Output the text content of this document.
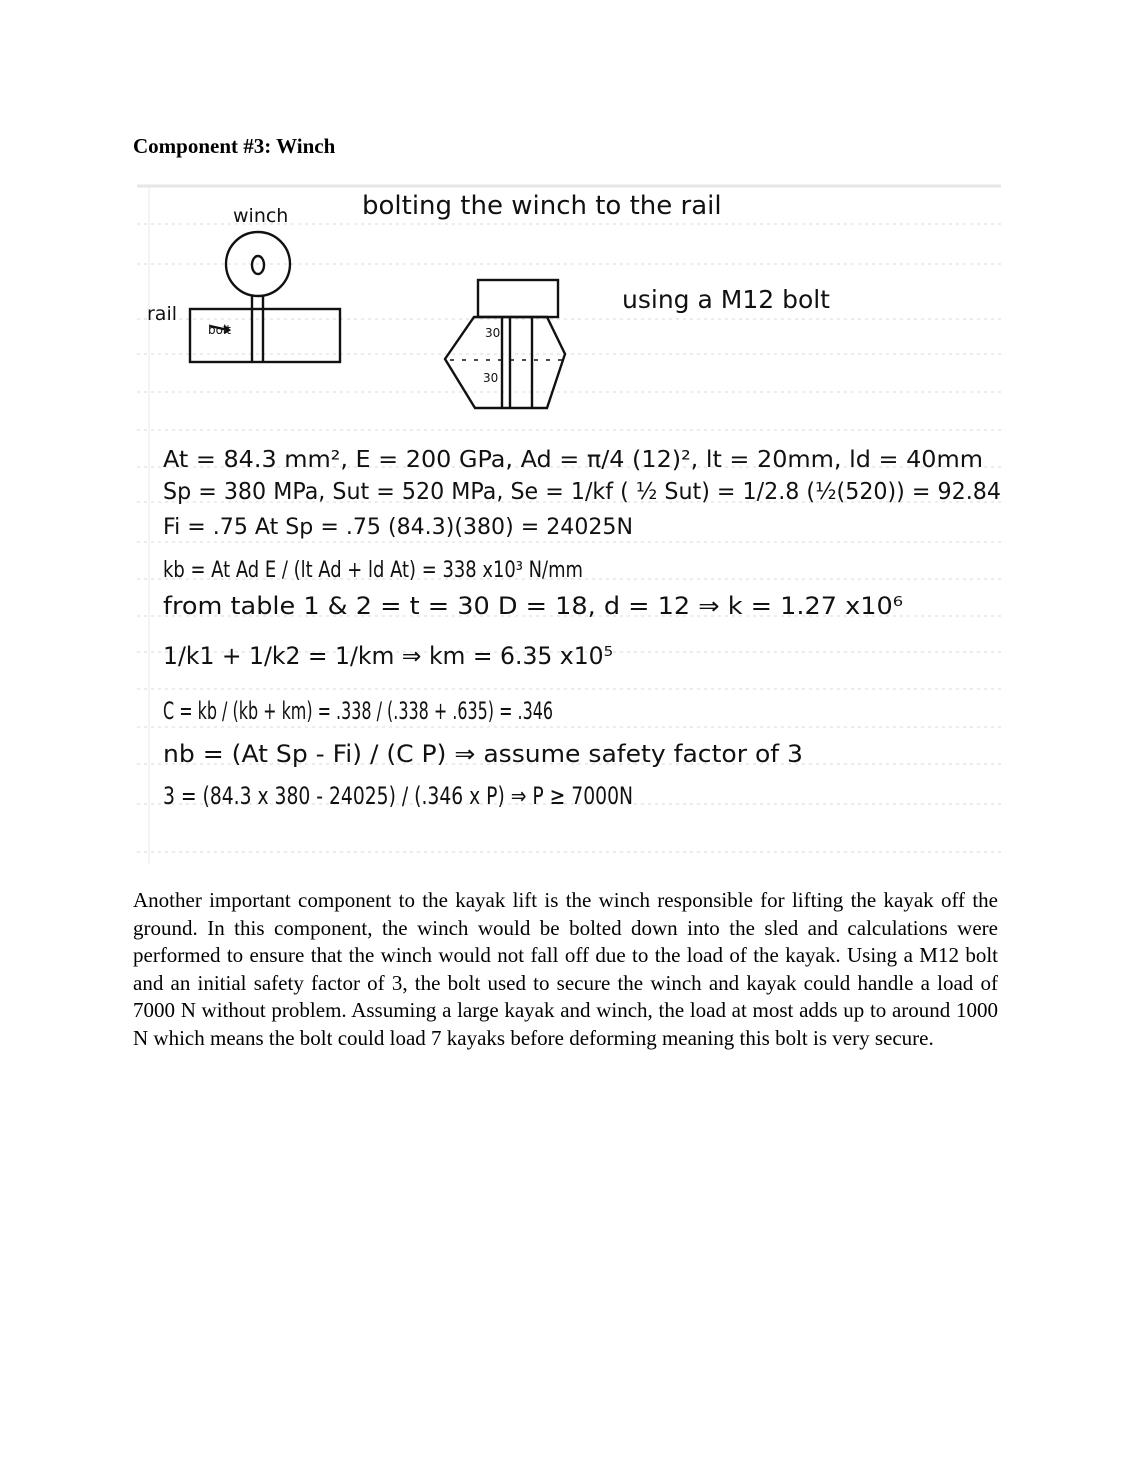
Component #3: Winch
bolting the winch to the rail
winch
rail
bolt	30
30
using a M12 bolt
At = 84.3 mm², E = 200 GPa, Ad = π/4 (12)², lt = 20mm, ld = 40mm
Sp = 380 MPa, Sut = 520 MPa, Se = 1/kf ( ½ Sut) = 1/2.8 (½(520)) = 92.84
Fi = .75 At Sp = .75 (84.3)(380) = 24025N
kb = At Ad E / (lt Ad + ld At) = 338 x10³ N/mm
from table 1 & 2 = t = 30 D = 18, d = 12 ⇒ k = 1.27 x10⁶
1/k1 + 1/k2 = 1/km ⇒ km = 6.35 x10⁵
C = kb / (kb + km) = .338 / (.338 + .635) = .346
nb = (At Sp - Fi) / (C P) ⇒ assume safety factor of 3
3 = (84.3 x 380 - 24025) / (.346 x P) ⇒ P ≥ 7000N

Another important component to the kayak lift is the winch responsible for lifting the kayak off the ground. In this component, the winch would be bolted down into the sled and calculations were performed to ensure that the winch would not fall off due to the load of the kayak. Using a M12 bolt and an initial safety factor of 3, the bolt used to secure the winch and kayak could handle a load of 7000 N without problem. Assuming a large kayak and winch, the load at most adds up to around 1000 N which means the bolt could load 7 kayaks before deforming meaning this bolt is very secure.
